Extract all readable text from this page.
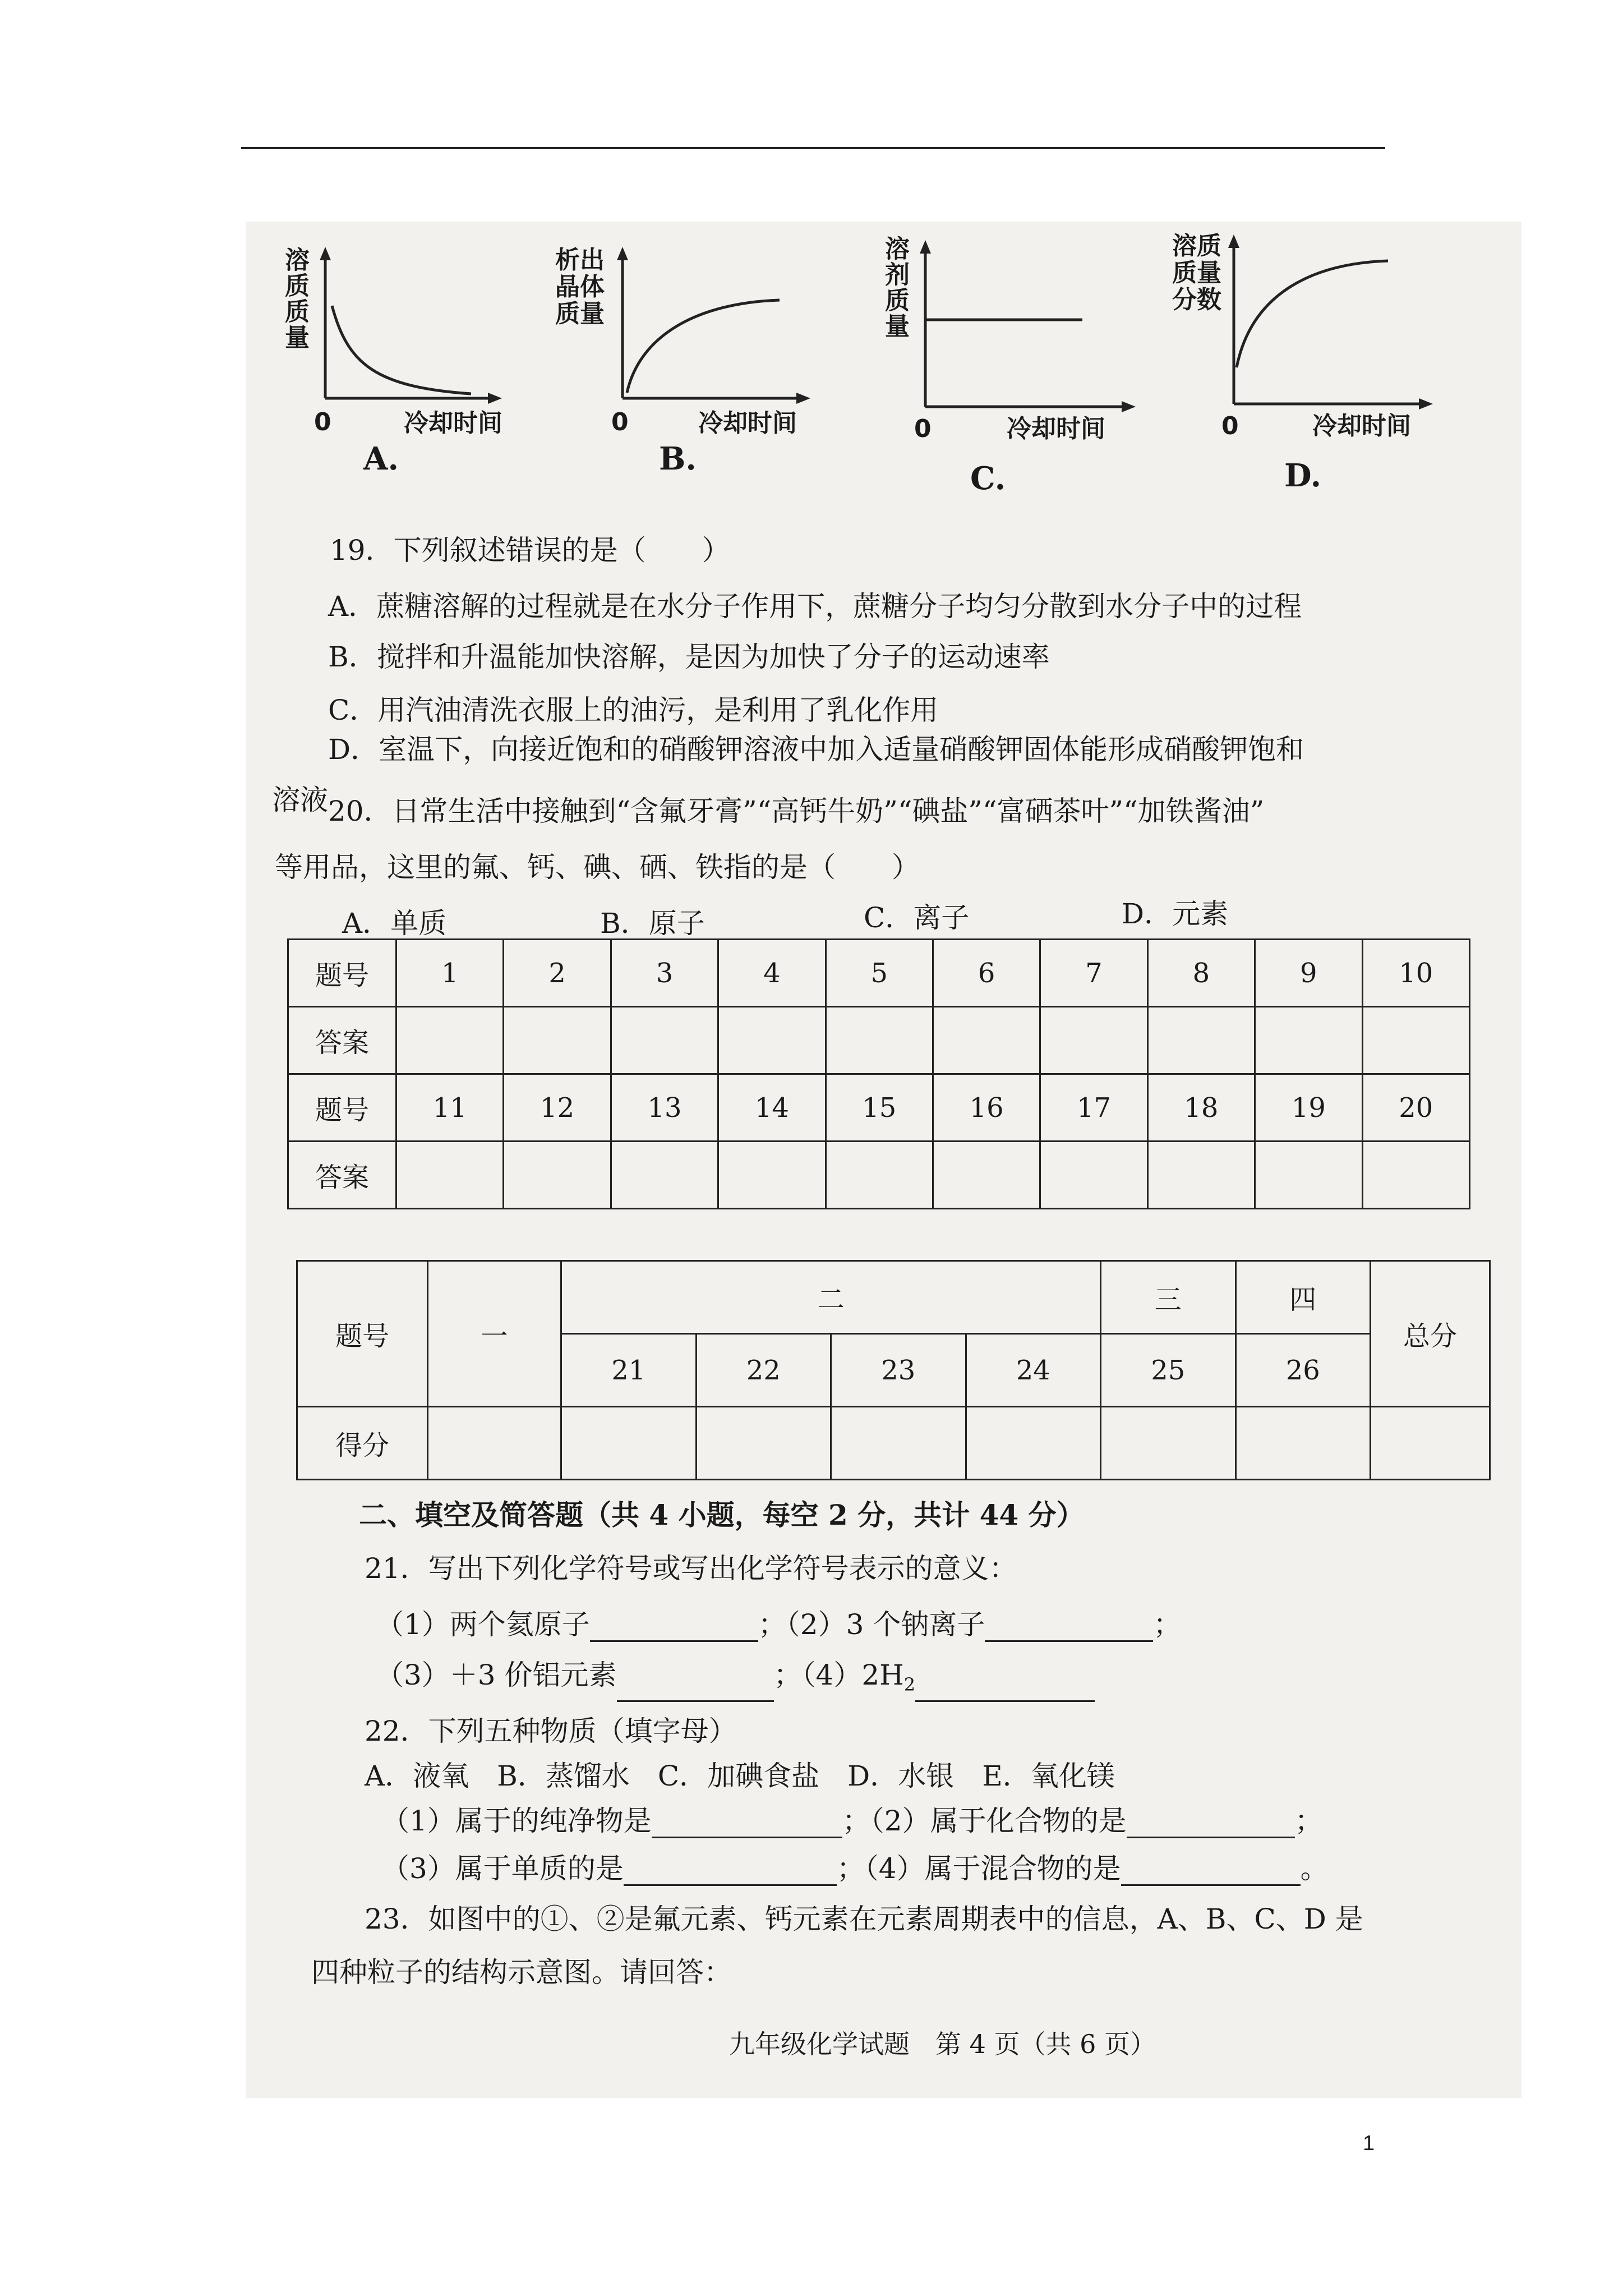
溶质质量
0	冷却时间
A.
析出晶体质量
0	冷却时间
B.
溶剂质量
0	冷却时间
C.
溶质质量分数
0	冷却时间
D.
19．下列叙述错误的是（　　）
A．蔗糖溶解的过程就是在水分子作用下，蔗糖分子均匀分散到水分子中的过程
B．搅拌和升温能加快溶解，是因为加快了分子的运动速率
C．用汽油清洗衣服上的油污，是利用了乳化作用
D．室温下，向接近饱和的硝酸钾溶液中加入适量硝酸钾固体能形成硝酸钾饱和
溶液 20．日常生活中接触到“含氟牙膏”“高钙牛奶”“碘盐”“富硒茶叶”“加铁酱油”
等用品，这里的氟、钙、碘、硒、铁指的是（　　）
A．单质	B．原子	C．离子	D．元素
题号	1	2	3	4	5	6	7	8	9	10
答案										
题号	11	12	13	14	15	16	17	18	19	20
答案										
题号	一	二				三	四	总分
		21	22	23	24	25	26	
得分								
二、填空及简答题（共 4 小题，每空 2 分，共计 44 分）
21．写出下列化学符号或写出化学符号表示的意义：
（1）两个氦原子	；（2）3 个钠离子	；
（3）＋3 价铝元素	；$(4)2H_2$
22．下列五种物质（填字母）
A．液氧　B．蒸馏水　C．加碘食盐　D．水银　E．氧化镁
（1）属于的纯净物是	；（2）属于化合物的是	；
（3）属于单质的是	；（4）属于混合物的是	。
23．如图中的①、②是氟元素、钙元素在元素周期表中的信息，A、B、C、D 是
四种粒子的结构示意图。请回答：
九年级化学试题　第 4 页（共 6 页）
1
